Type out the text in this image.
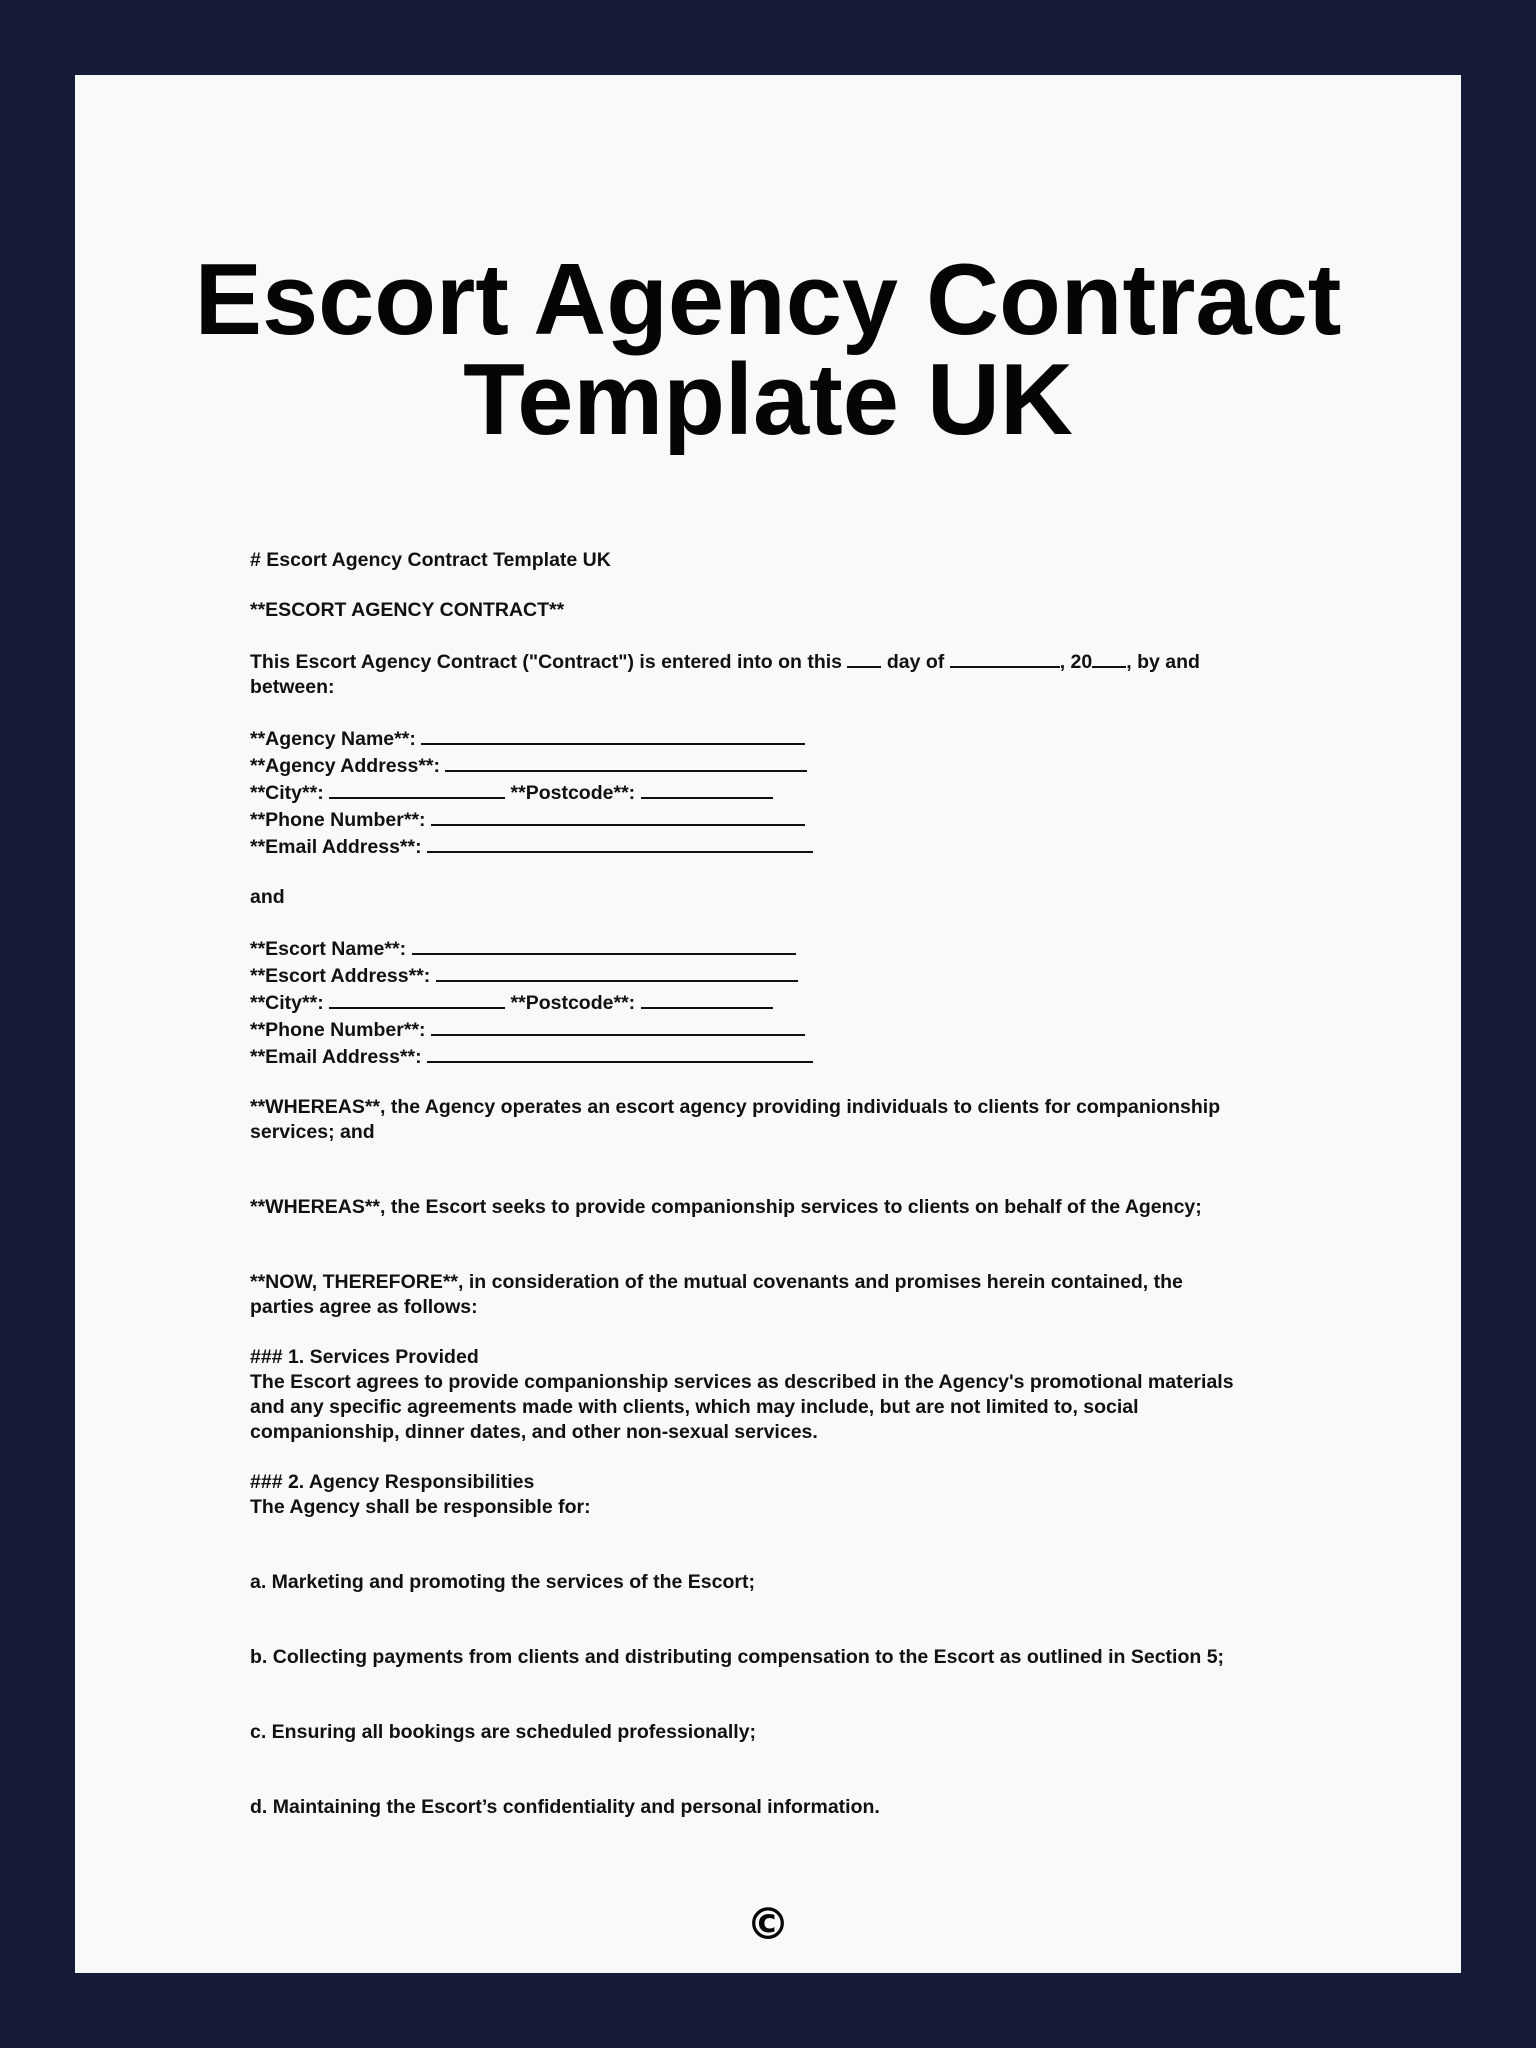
Escort Agency Contract
Template UK

# Escort Agency Contract Template UK

**ESCORT AGENCY CONTRACT**

This Escort Agency Contract ("Contract") is entered into on this day of	, 20 , by and
between:

**Agency Name**:

**Agency Address**:

**City**:	**Postcode**:

**Phone Number**:

**Email Address**:

and

**Escort Name**:

**Escort Address**:

**City**:	**Postcode**:

**Phone Number**:

**Email Address**:

**WHEREAS**, the Agency operates an escort agency providing individuals to clients for companionship
services; and

**WHEREAS**, the Escort seeks to provide companionship services to clients on behalf of the Agency;

**NOW, THEREFORE**, in consideration of the mutual covenants and promises herein contained, the
parties agree as follows:

### 1. Services Provided

The Escort agrees to provide companionship services as described in the Agency's promotional materials
and any specific agreements made with clients, which may include, but are not limited to, social
companionship, dinner dates, and other non-sexual services.

### 2. Agency Responsibilities

The Agency shall be responsible for:

a. Marketing and promoting the services of the Escort;

b. Collecting payments from clients and distributing compensation to the Escort as outlined in Section 5;

c. Ensuring all bookings are scheduled professionally;

d. Maintaining the Escort’s confidentiality and personal information.

©
